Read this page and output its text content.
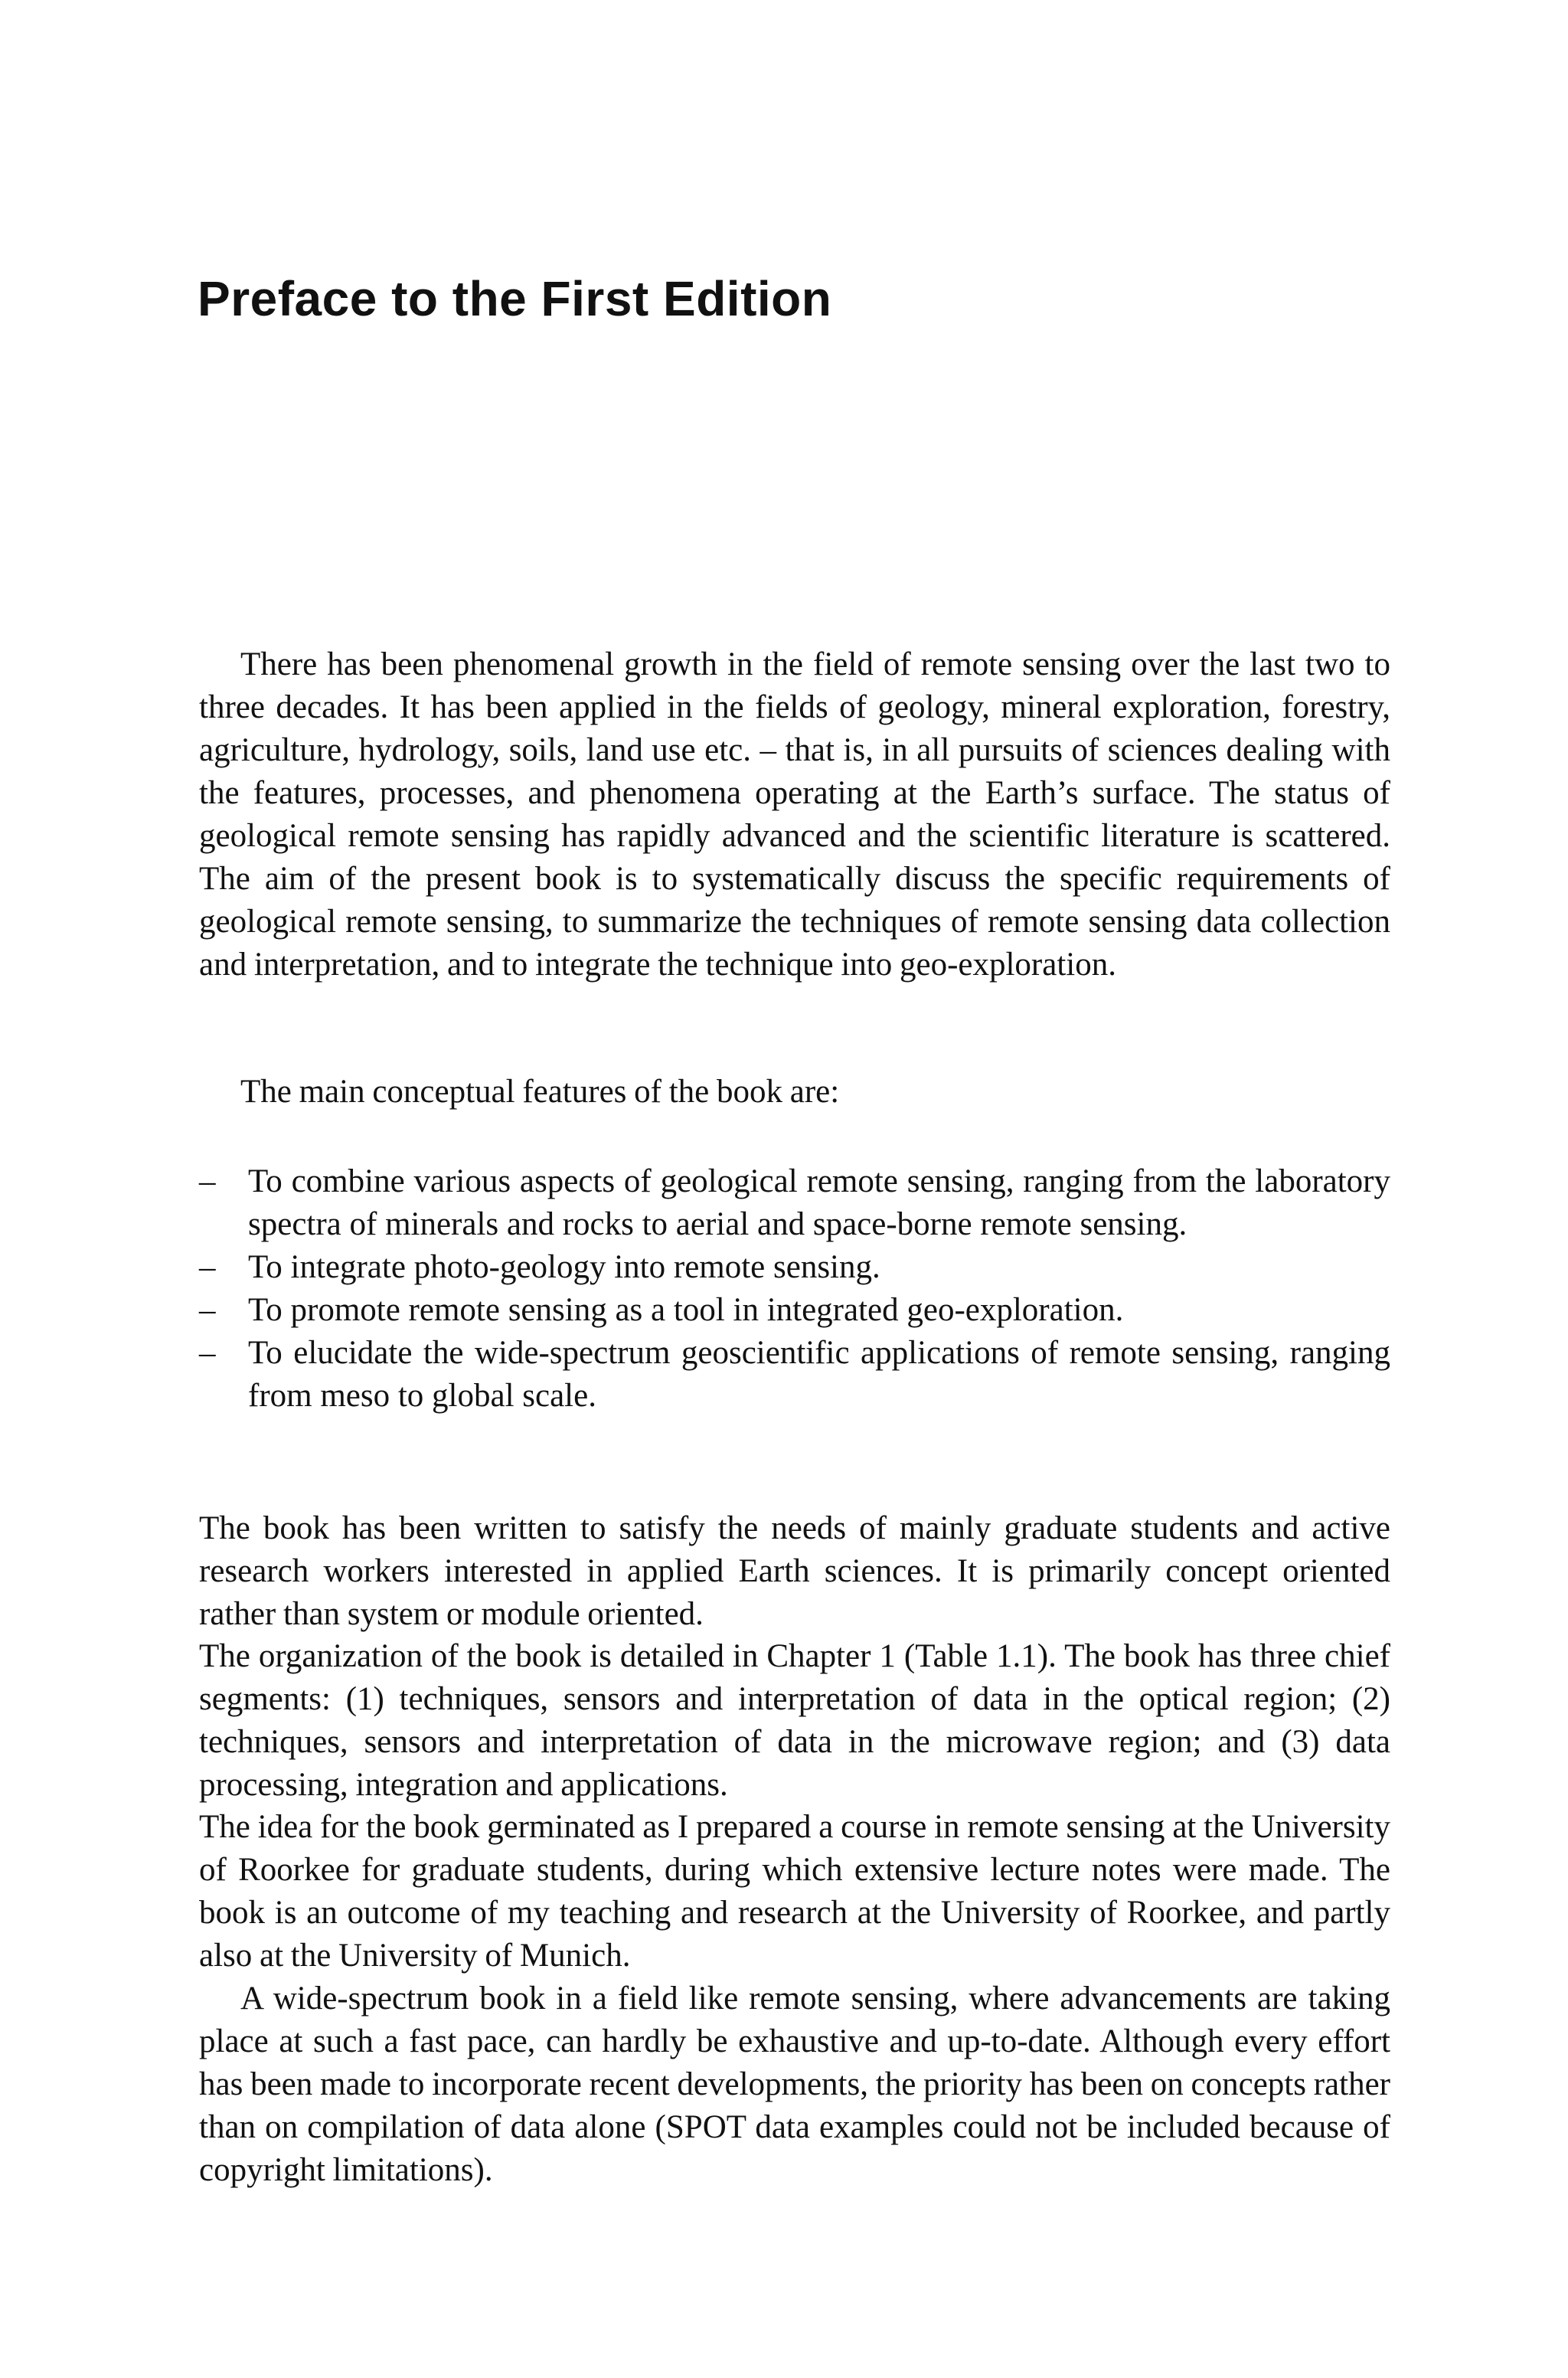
Preface to the First Edition

There has been phenomenal growth in the field of remote sensing over the last two to three decades. It has been applied in the fields of geology, mineral exploration, forestry, agriculture, hydrology, soils, land use etc. – that is, in all pursuits of sciences dealing with the features, processes, and phenomena operating at the Earth’s surface. The status of geological remote sensing has rapidly advanced and the scientific literature is scattered. The aim of the present book is to systematically discuss the specific requirements of geological remote sensing, to summarize the techniques of remote sensing data collection and interpretation, and to integrate the technique into geo-exploration.

The main conceptual features of the book are:

– To combine various aspects of geological remote sensing, ranging from the laboratory spectra of minerals and rocks to aerial and space-borne remote sensing.
– To integrate photo-geology into remote sensing.
– To promote remote sensing as a tool in integrated geo-exploration.
– To elucidate the wide-spectrum geoscientific applications of remote sensing, ranging from meso to global scale.

The book has been written to satisfy the needs of mainly graduate students and active research workers interested in applied Earth sciences. It is primarily concept oriented rather than system or module oriented.

The organization of the book is detailed in Chapter 1 (Table 1.1). The book has three chief segments: (1) techniques, sensors and interpretation of data in the optical region; (2) techniques, sensors and interpretation of data in the microwave region; and (3) data processing, integration and applications.

The idea for the book germinated as I prepared a course in remote sensing at the University of Roorkee for graduate students, during which extensive lecture notes were made. The book is an outcome of my teaching and research at the University of Roorkee, and partly also at the University of Munich.

A wide-spectrum book in a field like remote sensing, where advancements are taking place at such a fast pace, can hardly be exhaustive and up-to-date. Although every effort has been made to incorporate recent developments, the priority has been on concepts rather than on compilation of data alone (SPOT data examples could not be included because of copyright limitations).
